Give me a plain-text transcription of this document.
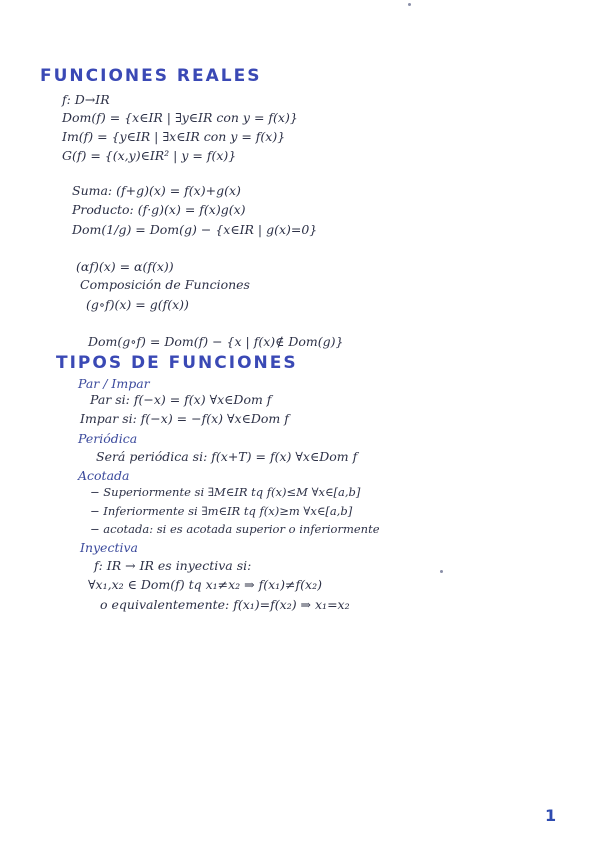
FUNCIONES REALES
f: D→IR
Dom(f) = {x∈IR | ∃y∈IR con y = f(x)}
Im(f) = {y∈IR | ∃x∈IR con y = f(x)}
G(f) = {(x,y)∈IR² | y = f(x)}
Suma: (f+g)(x) = f(x)+g(x)
Producto: (f·g)(x) = f(x)g(x)
Dom(1/g) = Dom(g) − {x∈IR | g(x)=0}
(αf)(x) = α(f(x))
Composición de Funciones
(g∘f)(x) = g(f(x))
Dom(g∘f) = Dom(f) − {x | f(x)∉ Dom(g)}
TIPOS DE FUNCIONES
Par / Impar
Par si: f(−x) = f(x) ∀x∈Dom f
Impar si: f(−x) = −f(x) ∀x∈Dom f
Periódica
Será periódica si: f(x+T) = f(x) ∀x∈Dom f
Acotada
− Superiormente si ∃M∈IR tq f(x)≤M ∀x∈[a,b]
− Inferiormente si ∃m∈IR tq f(x)≥m ∀x∈[a,b]
− acotada: si es acotada superior o inferiormente
Inyectiva
f: IR → IR es inyectiva si:
∀x₁,x₂ ∈ Dom(f) tq x₁≠x₂ ⇒ f(x₁)≠f(x₂)
o equivalentemente: f(x₁)=f(x₂) ⇒ x₁=x₂
1
